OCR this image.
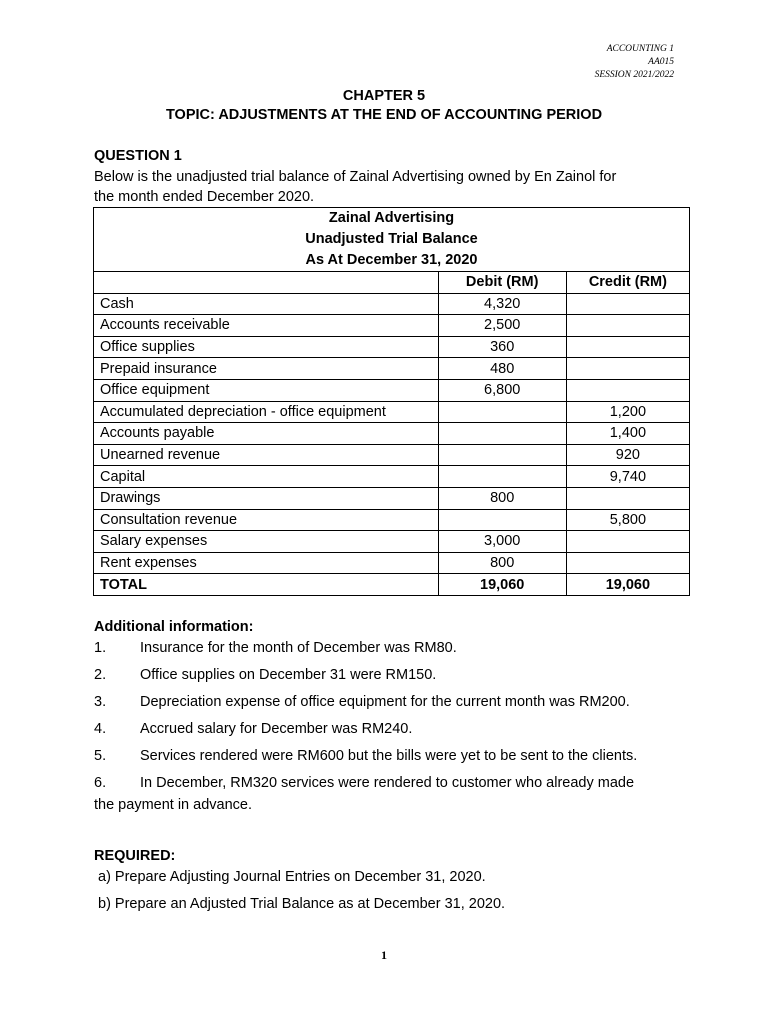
ACCOUNTING 1
AA015
SESSION 2021/2022
CHAPTER 5
TOPIC: ADJUSTMENTS AT THE END OF ACCOUNTING PERIOD
QUESTION 1
Below is the unadjusted trial balance of Zainal Advertising owned by En Zainol for
the month ended December 2020.
Zainal Advertising
Unadjusted Trial Balance
As At December 31, 2020		

	Debit (RM)	Credit (RM)
Cash	4,320	
Accounts receivable	2,500	
Office supplies	360	
Prepaid insurance	480	
Office equipment	6,800	
Accumulated depreciation - office equipment		1,200
Accounts payable		1,400
Unearned revenue		920
Capital		9,740
Drawings	800	
Consultation revenue		5,800
Salary expenses	3,000	
Rent expenses	800	
TOTAL	19,060	19,060
Additional information:
1. Insurance for the month of December was RM80.
2. Office supplies on December 31 were RM150.
3. Depreciation expense of office equipment for the current month was RM200.
4. Accrued salary for December was RM240.
5. Services rendered were RM600 but the bills were yet to be sent to the clients.
6. In December, RM320 services were rendered to customer who already made
the payment in advance.
REQUIRED:
a) Prepare Adjusting Journal Entries on December 31, 2020.
b) Prepare an Adjusted Trial Balance as at December 31, 2020.
1
